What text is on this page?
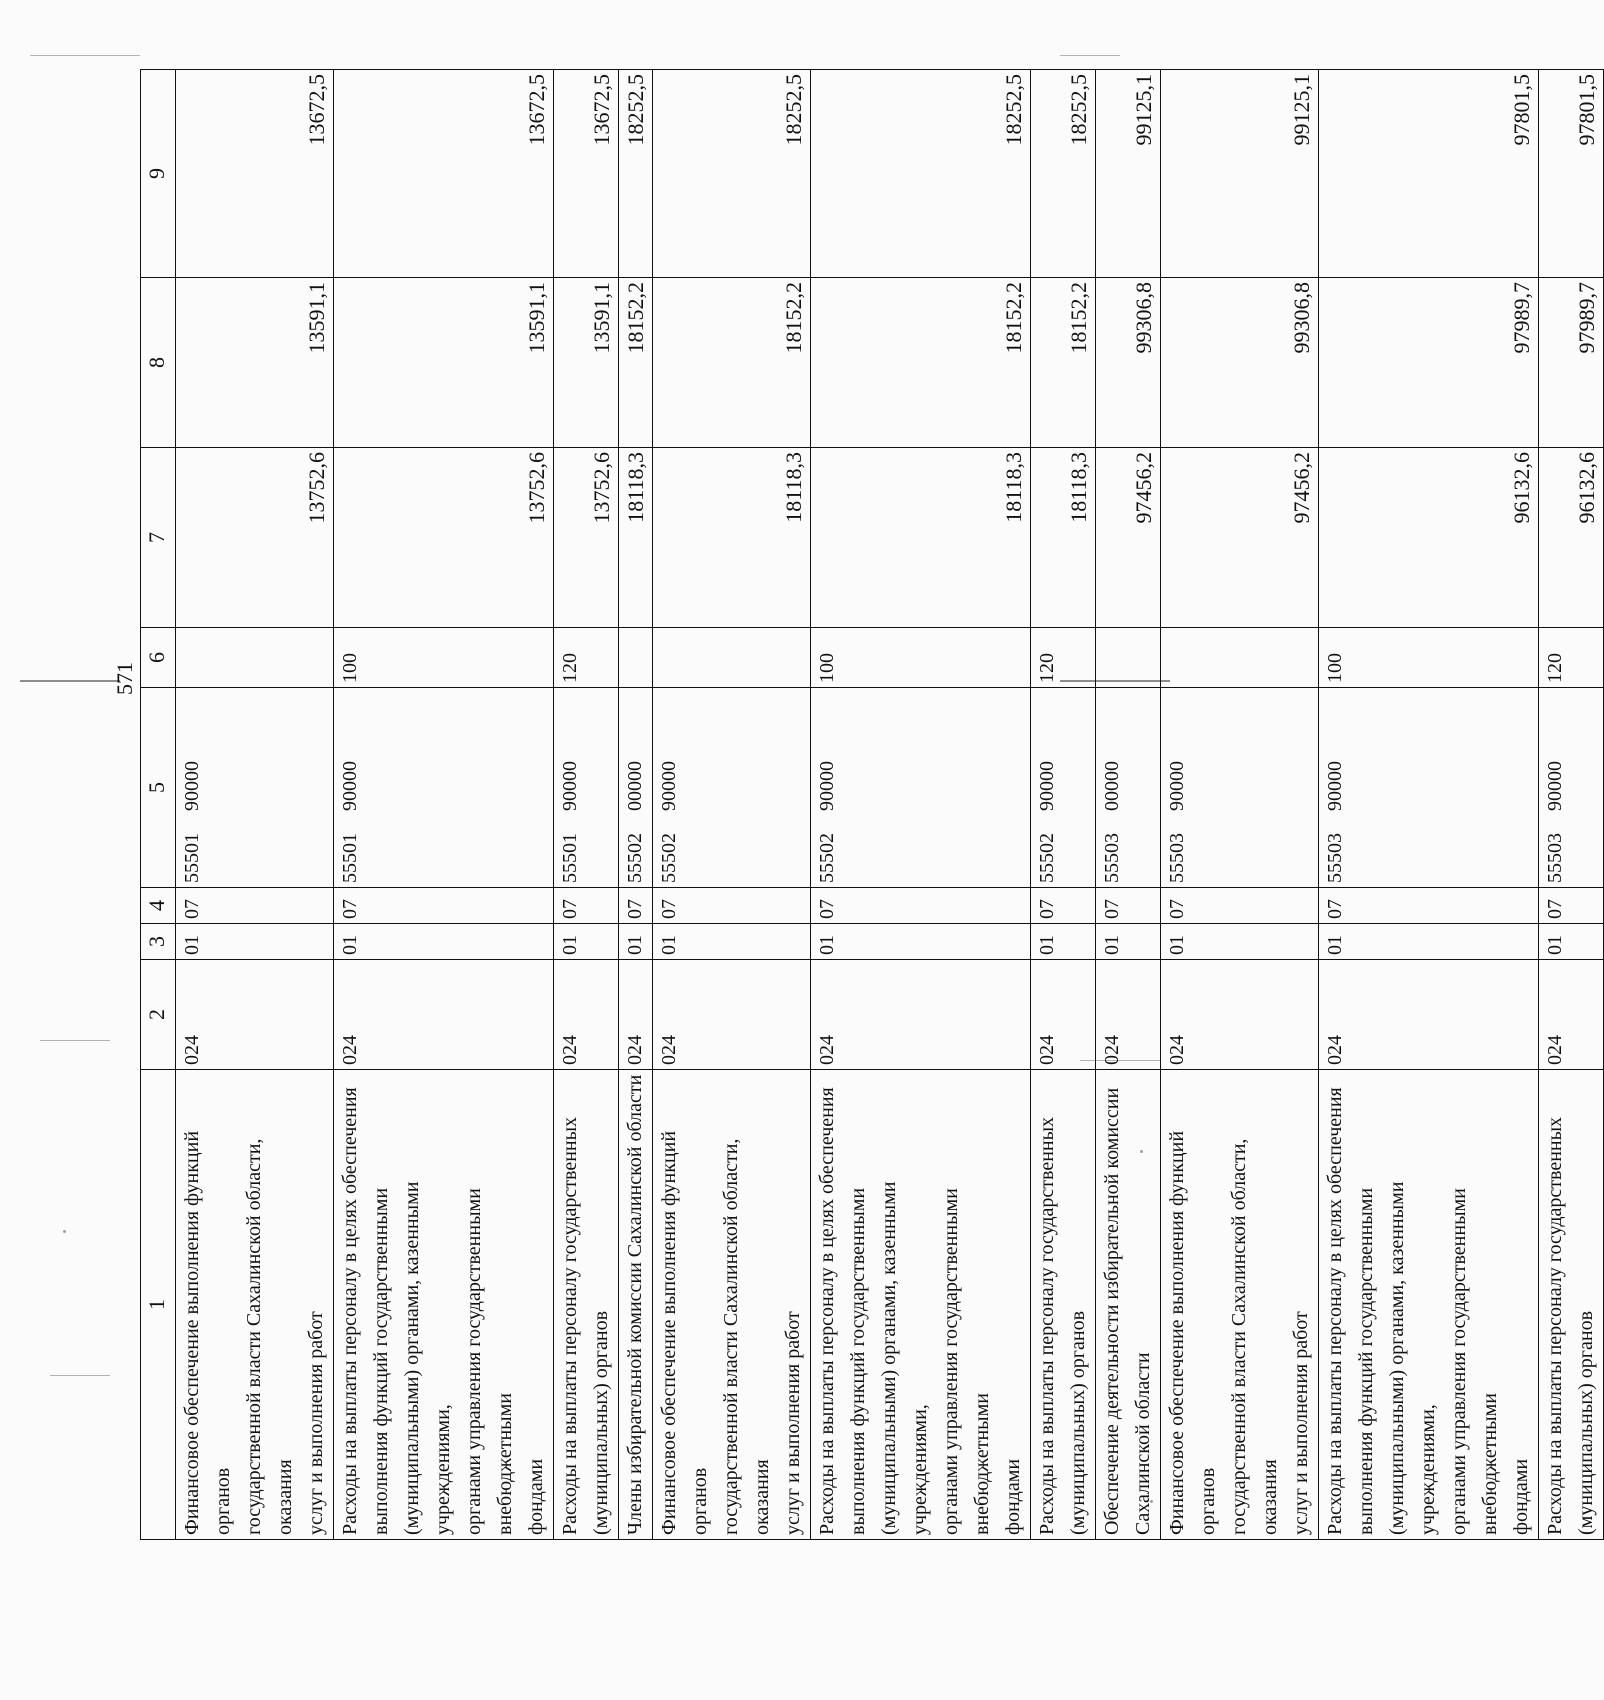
571
1	2	3	4	5	6	7	8	9
Финансовое обеспечение выполнения функций органов
государственной власти Сахалинской области, оказания
услуг и выполнения работ	024	01	07	5550190000		13752,6	13591,1	13672,5
Расходы на выплаты персоналу в целях обеспечения
выполнения функций государственными
(муниципальными) органами, казенными учреждениями,
органами управления государственными внебюджетными
фондами	024	01	07	5550190000	100	13752,6	13591,1	13672,5
Расходы на выплаты персоналу государственных
(муниципальных) органов	024	01	07	5550190000	120	13752,6	13591,1	13672,5
Члены избирательной комиссии Сахалинской области	024	01	07	5550200000		18118,3	18152,2	18252,5
Финансовое обеспечение выполнения функций органов
государственной власти Сахалинской области, оказания
услуг и выполнения работ	024	01	07	5550290000		18118,3	18152,2	18252,5
Расходы на выплаты персоналу в целях обеспечения
выполнения функций государственными
(муниципальными) органами, казенными учреждениями,
органами управления государственными внебюджетными
фондами	024	01	07	5550290000	100	18118,3	18152,2	18252,5
Расходы на выплаты персоналу государственных
(муниципальных) органов	024	01	07	5550290000	120	18118,3	18152,2	18252,5
Обеспечение деятельности избирательной комиссии
Сахалинской области	024	01	07	5550300000		97456,2	99306,8	99125,1
Финансовое обеспечение выполнения функций органов
государственной власти Сахалинской области, оказания
услуг и выполнения работ	024	01	07	5550390000		97456,2	99306,8	99125,1
Расходы на выплаты персоналу в целях обеспечения
выполнения функций государственными
(муниципальными) органами, казенными учреждениями,
органами управления государственными внебюджетными
фондами	024	01	07	5550390000	100	96132,6	97989,7	97801,5
Расходы на выплаты персоналу государственных
(муниципальных) органов	024	01	07	5550390000	120	96132,6	97989,7	97801,5
